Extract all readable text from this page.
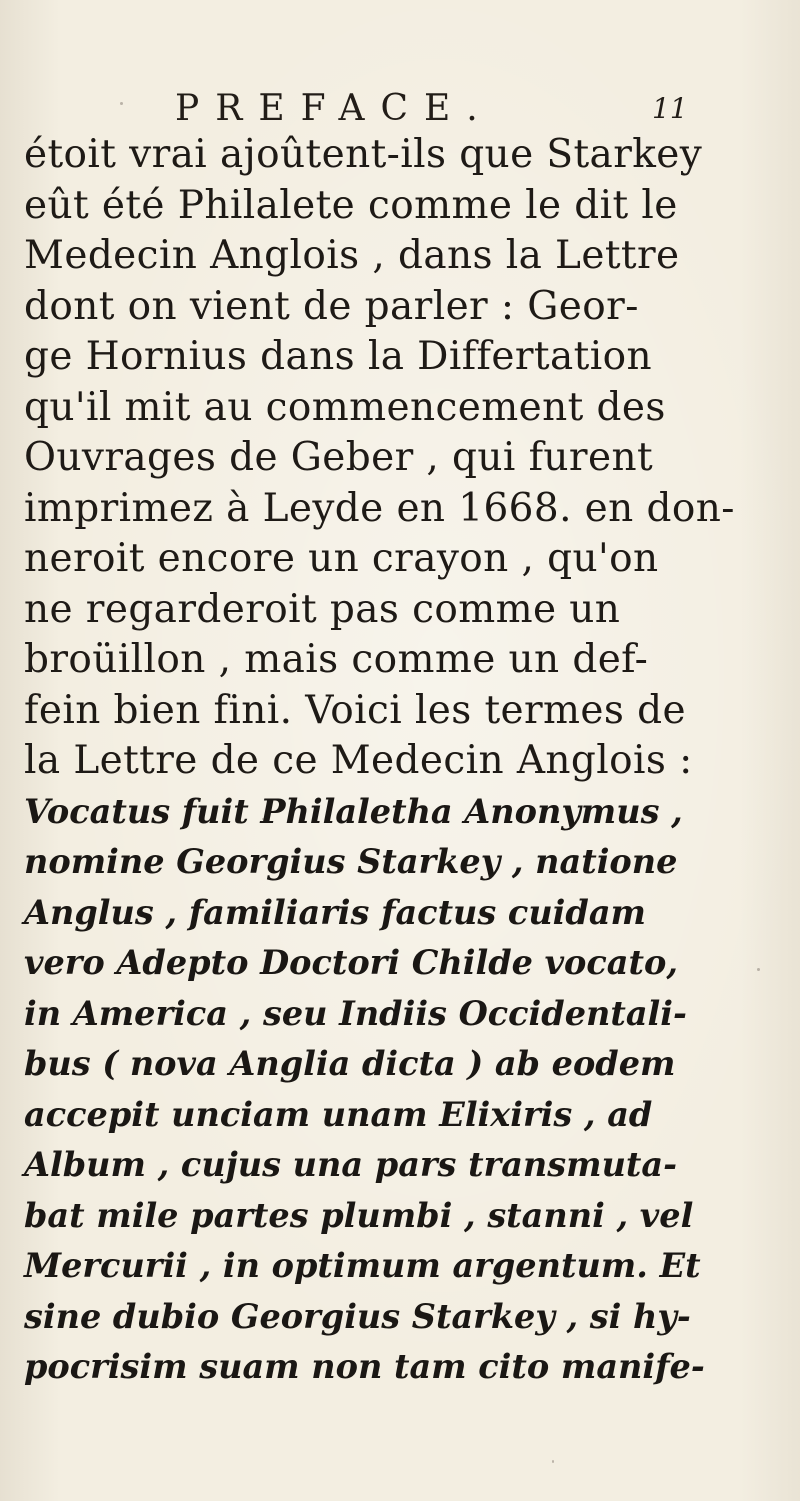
PREFACE.	11
étoit vrai ajoûtent-ils que Starkey
eût été Philalete comme le dit le
Medecin Anglois , dans la Lettre
dont on vient de parler : Geor-
ge Hornius dans la Differtation
qu'il mit au commencement des
Ouvrages de Geber , qui furent
imprimez à Leyde en 1668. en don-
neroit encore un crayon , qu'on
ne regarderoit pas comme un
broüillon , mais comme un def-
fein bien fini. Voici les termes de
la Lettre de ce Medecin Anglois :
Vocatus fuit Philaletha Anonymus ,
nomine Georgius Starkey , natione
Anglus , familiaris factus cuidam
vero Adepto Doctori Childe vocato,
in America , seu Indiis Occidentali-
bus ( nova Anglia dicta ) ab eodem
accepit unciam unam Elixiris , ad
Album , cujus una pars transmuta-
bat mile partes plumbi , stanni , vel
Mercurii , in optimum argentum. Et
sine dubio Georgius Starkey , si hy-
pocrisim suam non tam cito manife-
